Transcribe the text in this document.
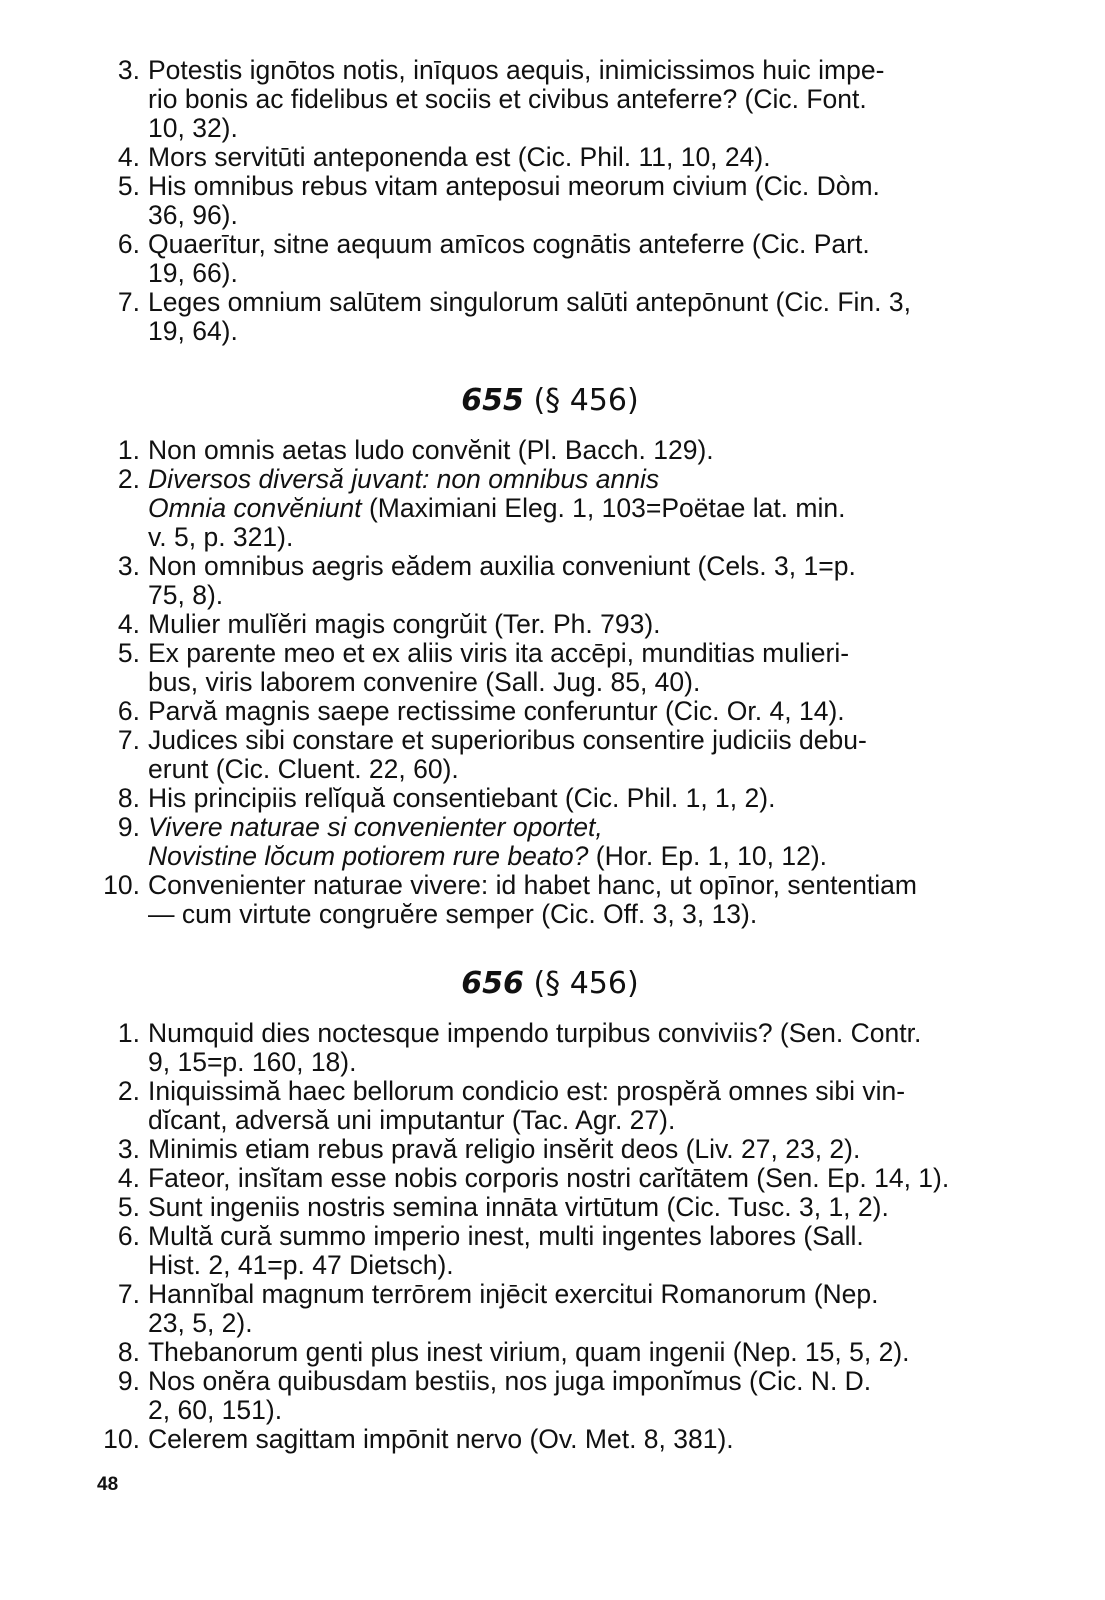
3. Potestis ignōtos notis, inīquos aequis, inimicissimos huic impe-
rio bonis ac fidelibus et sociis et civibus anteferre? (Cic. Font.
10, 32).
4. Mors servitūti anteponenda est (Cic. Phil. 11, 10, 24).
5. His omnibus rebus vitam anteposui meorum civium (Cic. Dòm.
36, 96).
6. Quaerītur, sitne aequum amīcos cognātis anteferre (Cic. Part.
19, 66).
7. Leges omnium salūtem singulorum salūti antepōnunt (Cic. Fin. 3,
19, 64).
655 (§ 456)
1. Non omnis aetas ludo convĕnit (Pl. Bacch. 129).
2. Diversos diversă juvant: non omnibus annis
Omnia convĕniunt (Maximiani Eleg. 1, 103=Poëtae lat. min.
v. 5, p. 321).
3. Non omnibus aegris eădem auxilia conveniunt (Cels. 3, 1=p.
75, 8).
4. Mulier mulĭĕri magis congrŭit (Ter. Ph. 793).
5. Ex parente meo et ex aliis viris ita accēpi, munditias mulieri-
bus, viris laborem convenire (Sall. Jug. 85, 40).
6. Parvă magnis saepe rectissime conferuntur (Cic. Or. 4, 14).
7. Judices sibi constare et superioribus consentire judiciis debu-
erunt (Cic. Cluent. 22, 60).
8. His principiis relĭquă consentiebant (Cic. Phil. 1, 1, 2).
9. Vivere naturae si convenienter oportet,
Novistine lŏcum potiorem rure beato? (Hor. Ep. 1, 10, 12).
10. Convenienter naturae vivere: id habet hanc, ut opīnor, sententiam
— cum virtute congruĕre semper (Cic. Off. 3, 3, 13).
656 (§ 456)
1. Numquid dies noctesque impendo turpibus conviviis? (Sen. Contr.
9, 15=p. 160, 18).
2. Iniquissimă haec bellorum condicio est: prospĕră omnes sibi vin-
dĭcant, adversă uni imputantur (Tac. Agr. 27).
3. Minimis etiam rebus pravă religio insĕrit deos (Liv. 27, 23, 2).
4. Fateor, insĭtam esse nobis corporis nostri carĭtātem (Sen. Ep. 14, 1).
5. Sunt ingeniis nostris semina innāta virtūtum (Cic. Tusc. 3, 1, 2).
6. Multă cură summo imperio inest, multi ingentes labores (Sall.
Hist. 2, 41=p. 47 Dietsch).
7. Hannĭbal magnum terrōrem injēcit exercitui Romanorum (Nep.
23, 5, 2).
8. Thebanorum genti plus inest virium, quam ingenii (Nep. 15, 5, 2).
9. Nos onĕra quibusdam bestiis, nos juga imponĭmus (Cic. N. D.
2, 60, 151).
10. Celerem sagittam impōnit nervo (Ov. Met. 8, 381).
48
